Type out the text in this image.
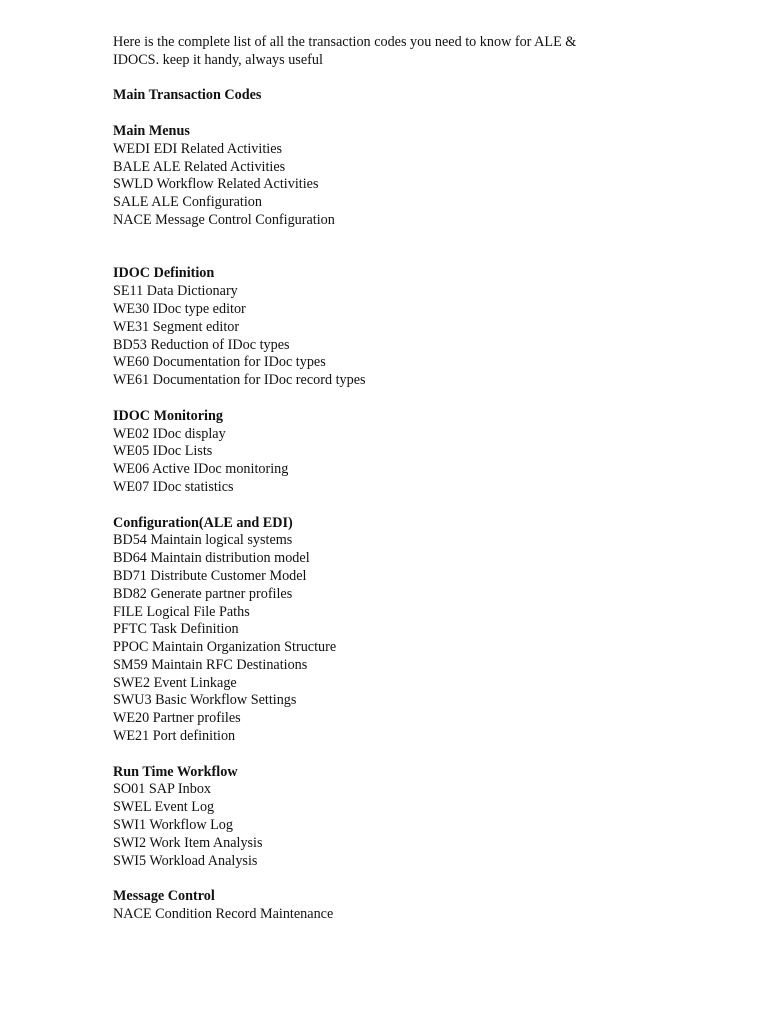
Here is the complete list of all the transaction codes you need to know for ALE &
IDOCS. keep it handy, always useful
Main Transaction Codes
Main Menus
WEDI EDI Related Activities
BALE ALE Related Activities
SWLD Workflow Related Activities
SALE ALE Configuration
NACE Message Control Configuration
IDOC Definition
SE11 Data Dictionary
WE30 IDoc type editor
WE31 Segment editor
BD53 Reduction of IDoc types
WE60 Documentation for IDoc types
WE61 Documentation for IDoc record types
IDOC Monitoring
WE02 IDoc display
WE05 IDoc Lists
WE06 Active IDoc monitoring
WE07 IDoc statistics
Configuration(ALE and EDI)
BD54 Maintain logical systems
BD64 Maintain distribution model
BD71 Distribute Customer Model
BD82 Generate partner profiles
FILE Logical File Paths
PFTC Task Definition
PPOC Maintain Organization Structure
SM59 Maintain RFC Destinations
SWE2 Event Linkage
SWU3 Basic Workflow Settings
WE20 Partner profiles
WE21 Port definition
Run Time Workflow
SO01 SAP Inbox
SWEL Event Log
SWI1 Workflow Log
SWI2 Work Item Analysis
SWI5 Workload Analysis
Message Control
NACE Condition Record Maintenance
